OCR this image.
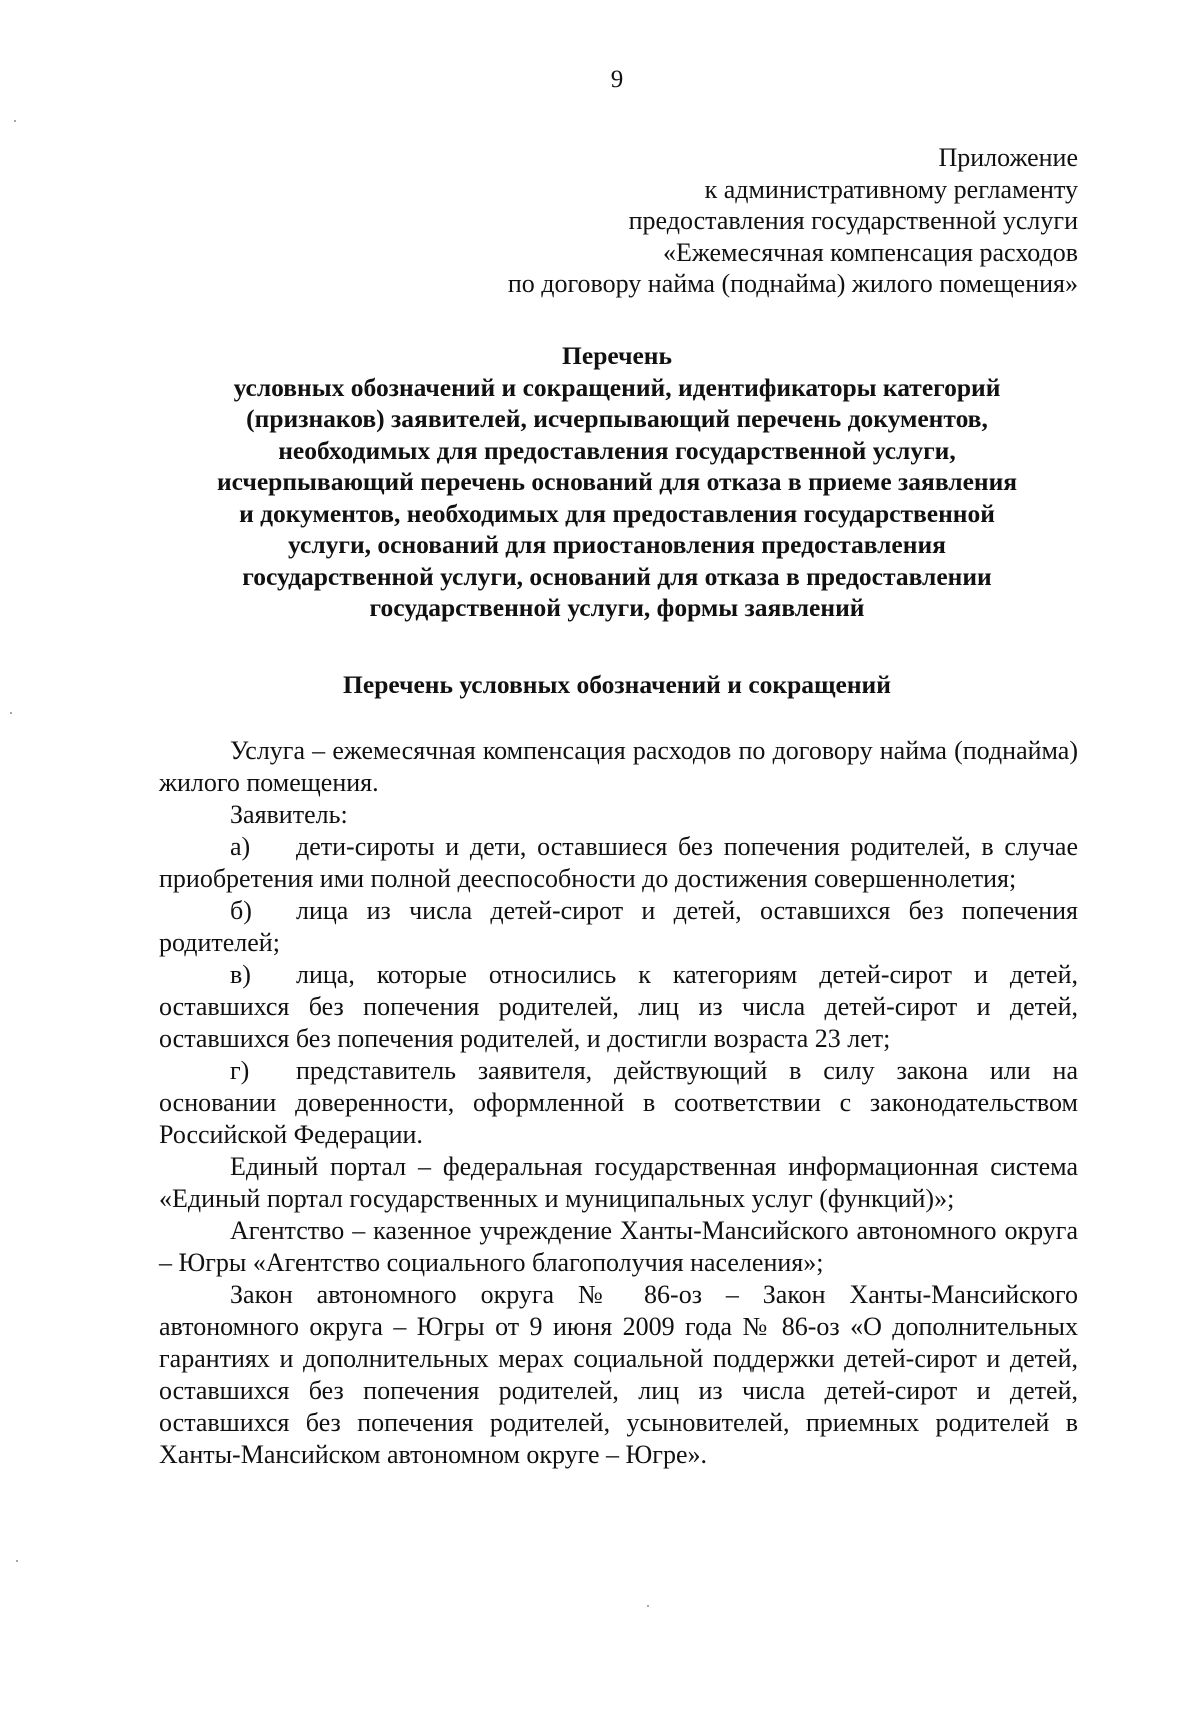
9
Приложение
к административному регламенту
предоставления государственной услуги
«Ежемесячная компенсация расходов
по договору найма (поднайма) жилого помещения»
Перечень
условных обозначений и сокращений, идентификаторы категорий
(признаков) заявителей, исчерпывающий перечень документов,
необходимых для предоставления государственной услуги,
исчерпывающий перечень оснований для отказа в приеме заявления
и документов, необходимых для предоставления государственной
услуги, оснований для приостановления предоставления
государственной услуги, оснований для отказа в предоставлении
государственной услуги, формы заявлений
Перечень условных обозначений и сокращений

Услуга – ежемесячная компенсация расходов по договору найма (поднайма) жилого помещения.

Заявитель:

а) дети-сироты и дети, оставшиеся без попечения родителей, в случае приобретения ими полной дееспособности до достижения совершеннолетия;

б) лица из числа детей-сирот и детей, оставшихся без попечения родителей;

в) лица, которые относились к категориям детей-сирот и детей, оставшихся без попечения родителей, лиц из числа детей-сирот и детей, оставшихся без попечения родителей, и достигли возраста 23 лет;

г) представитель заявителя, действующий в силу закона или на основании доверенности, оформленной в соответствии с законодательством Российской Федерации.

Единый портал – федеральная государственная информационная система «Единый портал государственных и муниципальных услуг (функций)»;

Агентство – казенное учреждение Ханты-Мансийского автономного округа – Югры «Агентство социального благополучия населения»;

Закон автономного округа № 86-оз – Закон Ханты-Мансийского автономного округа – Югры от 9 июня 2009 года № 86-оз «О дополнительных гарантиях и дополнительных мерах социальной поддержки детей-сирот и детей, оставшихся без попечения родителей, лиц из числа детей-сирот и детей, оставшихся без попечения родителей, усыновителей, приемных родителей в Ханты-Мансийском автономном округе – Югре».
